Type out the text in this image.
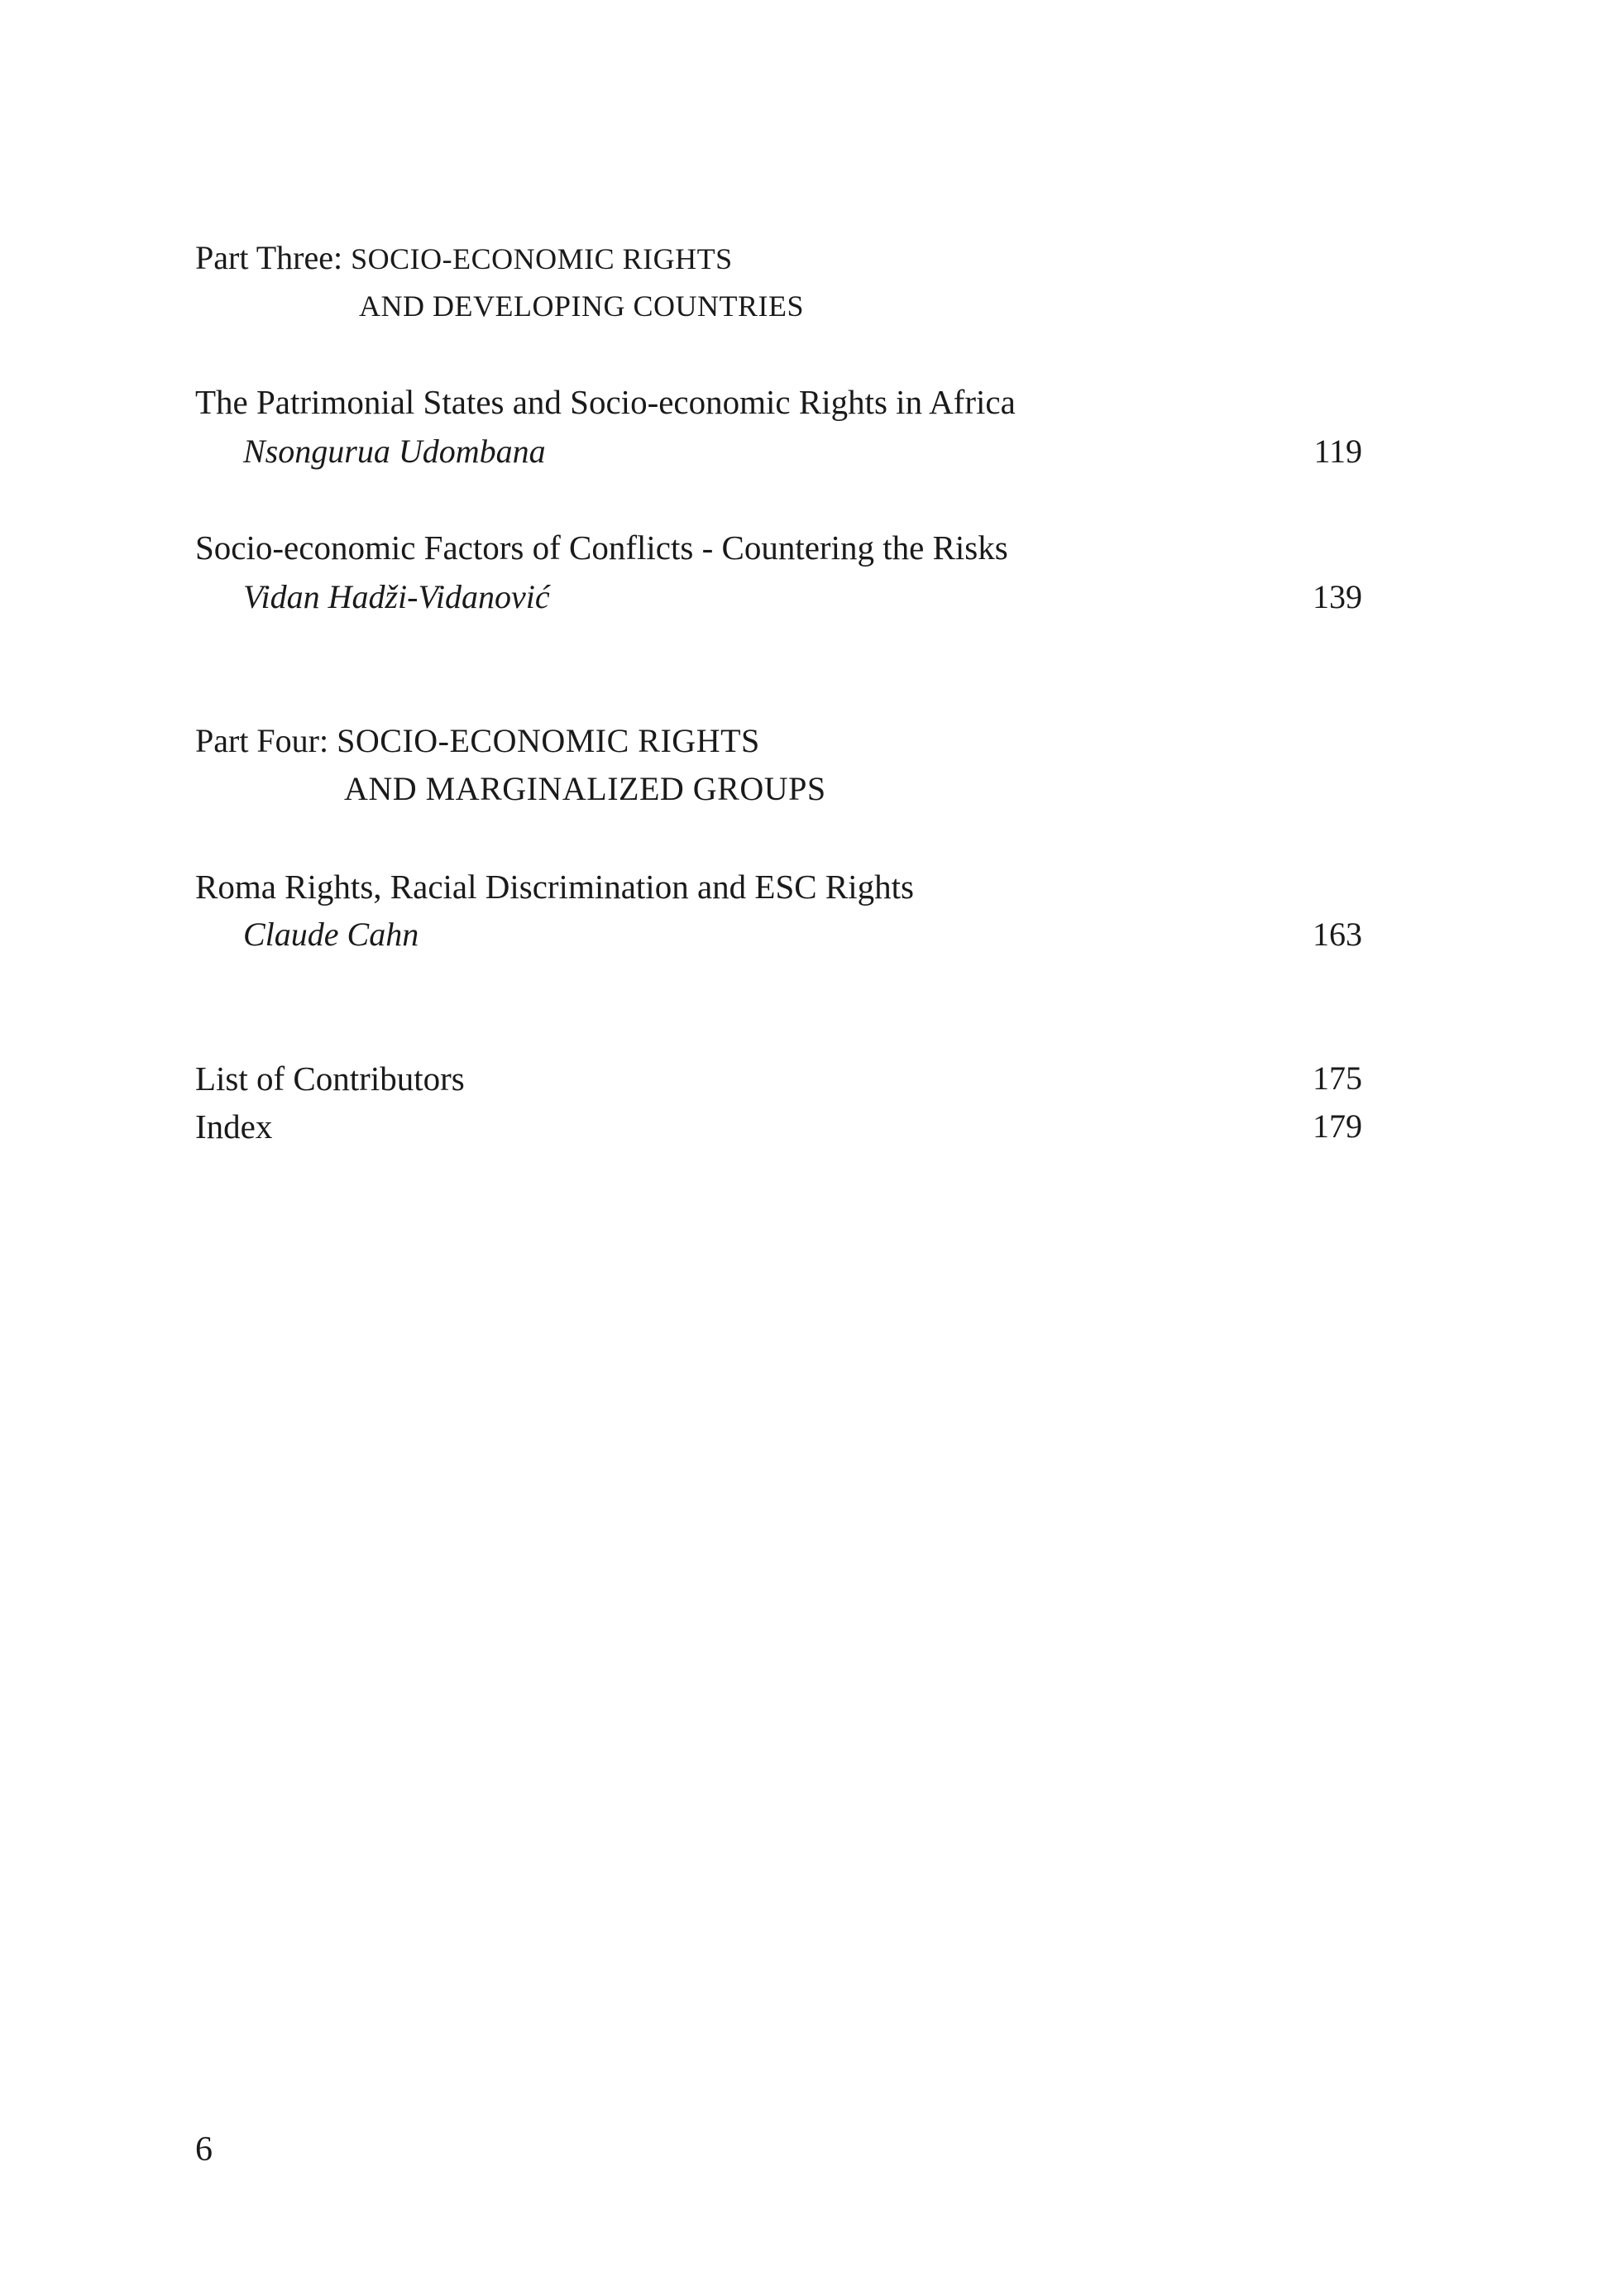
Part Three: SOCIO-ECONOMIC RIGHTS
AND DEVELOPING COUNTRIES
The Patrimonial States and Socio-economic Rights in Africa
Nsongurua Udombana	119
Socio-economic Factors of Conflicts - Countering the Risks
Vidan Hadži-Vidanović	139
Part Four: SOCIO-ECONOMIC RIGHTS
AND MARGINALIZED GROUPS
Roma Rights, Racial Discrimination and ESC Rights
Claude Cahn	163
List of Contributors	175
Index	179
6
